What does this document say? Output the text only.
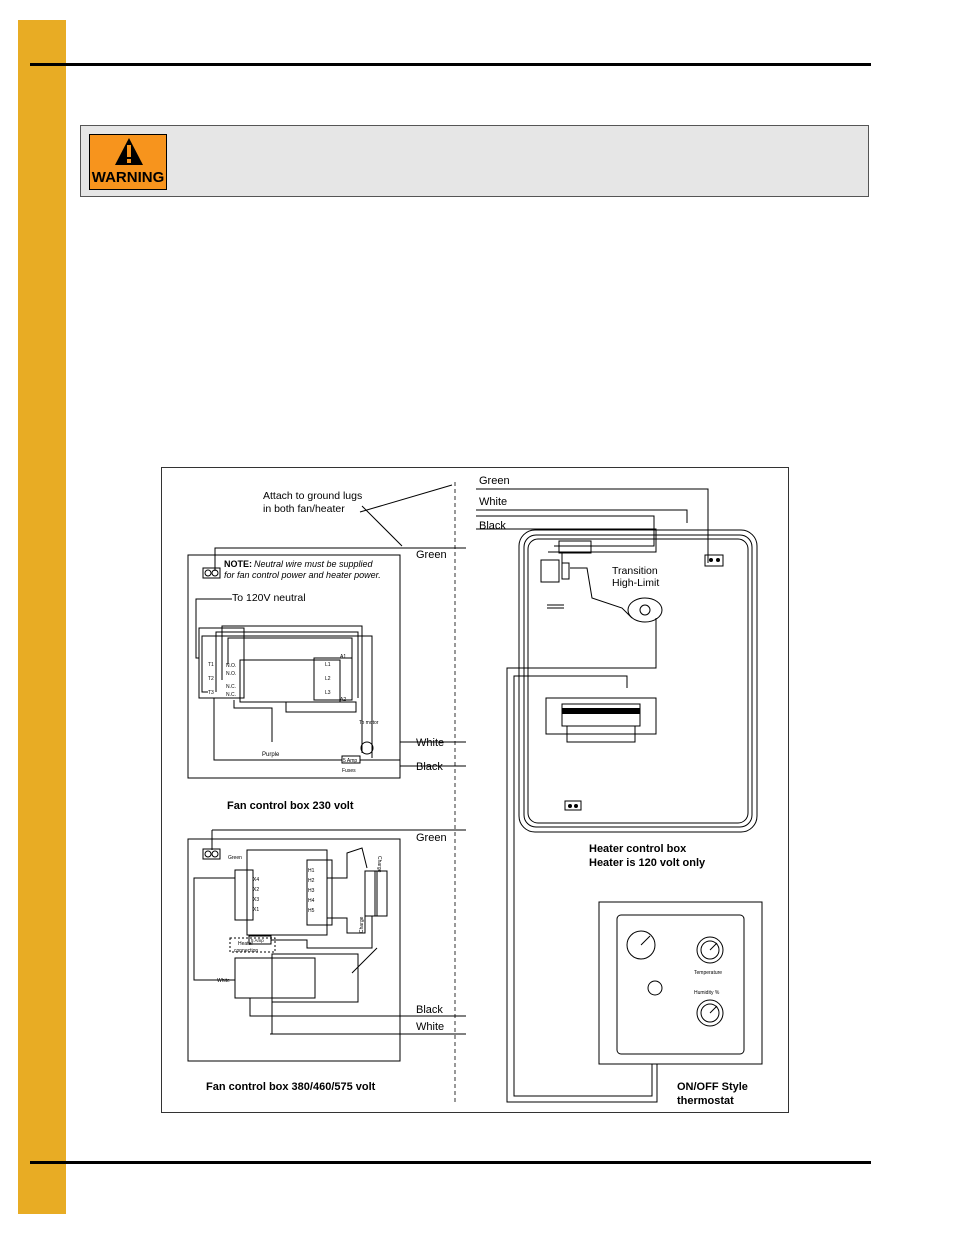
WARNING
Green
White
Black
Attach to ground lugs
in both fan/heater
Green
NOTE: Neutral wire must be supplied
for fan control power and heater power.
To 120V neutral
N.O.
N.O.
N.C.
N.C.
T1
T2
T3
L1
L2
L3
A1
A2
To motor
White
Purple
5 Amp
Fuses	Black
Fan control box 230 volt
Green
Green
X4
X2
X3
X1
H1
H2
H3
H4
H5
Charge
Charge
5 Amp
Heater
connection
White
Black
White
Fan control box 380/460/575 volt
Transition
High-Limit
Heater control box
Heater is 120 volt only
Temperature
Humidity %
ON/OFF Style
thermostat
